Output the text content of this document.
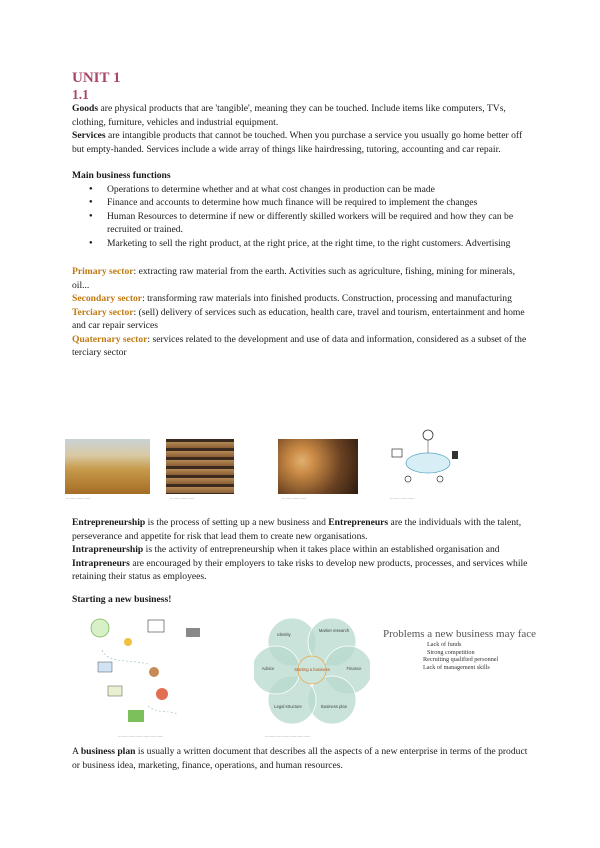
UNIT 1
1.1

Goods are physical products that are 'tangible', meaning they can be touched. Include items like computers, TVs, clothing, furniture, vehicles and industrial equipment.

Services are intangible products that cannot be touched. When you purchase a service you usually go home better off but empty-handed. Services include a wide array of things like hairdressing, tutoring, accounting and car repair.

Main business functions

● Operations to determine whether and at what cost changes in production can be made
● Finance and accounts to determine how much finance will be required to implement the changes
● Human Resources to determine if new or differently skilled workers will be required and how they can be recruited or trained.
● Marketing to sell the right product, at the right price, at the right time, to the right customers. Advertising

Primary sector: extracting raw material from the earth. Activities such as agriculture, fishing, mining for minerals, oil...

Secondary sector: transforming raw materials into finished products. Construction, processing and manufacturing

Terciary sector: (sell) delivery of services such as education, health care, travel and tourism, entertainment and home and car repair services

Quaternary sector: services related to the development and use of data and information, considered as a subset of the terciary sector

·····················	·····················	·····················	·····················

Entrepreneurship is the process of setting up a new business and Entrepreneurs are the individuals with the talent, perseverance and appetite for risk that lead them to create new organisations.

Intrapreneurship is the activity of entrepreneurship when it takes place within an established organisation and Intrapreneurs are encouraged by their employers to take risks to develop new products, processes, and services while retaining their status as employees.

Starting a new business!

·······································
Identity
Market research
Finance
Business plan
Legal structure
Advice	Starting a business
·······································
Problems a new business may face
Lack of funds
Strong competition
Recruiting qualified personnel
Lack of management skills

A business plan is usually a written document that describes all the aspects of a new enterprise in terms of the product or business idea, marketing, finance, operations, and human resources.
